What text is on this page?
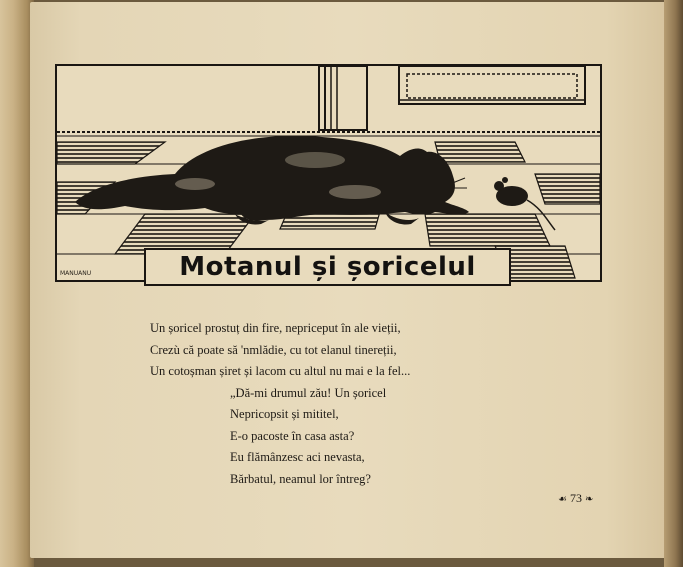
MANUANU	Motanul și șoricelul
Un șoricel prostuț din fire, nepriceput în ale vieții,
Crezù că poate să 'nmlădie, cu tot elanul tinereții,
Un cotoșman șiret și lacom cu altul nu mai e la fel...
„Dă-mi drumul zău! Un șoricel
Nepricopsit și mititel,
E-o pacoste în casa asta?
Eu flămânzesc aci nevasta,
Bărbatul, neamul lor întreg?
☙ 73 ❧
